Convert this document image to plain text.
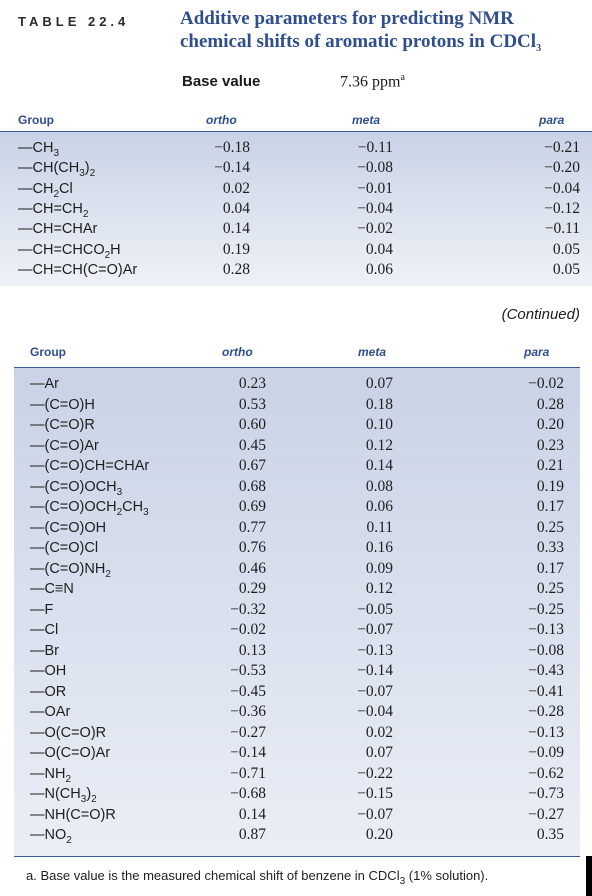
TABLE 22.4	Additive parameters for predicting NMR
chemical shifts of aromatic protons in CDCl$_3$
Base value	7.36 ppm$^a$
Group	ortho	meta	para
$—CH_3$	−0.18	−0.11	−0.21
$—CH(CH_3)_2$	−0.14	−0.08	−0.20
$—CH_2Cl$	0.02	−0.01	−0.04
$—CH=CH_2$	0.04	−0.04	−0.12
—CH=CHAr	0.14	−0.02	−0.11
$—CH=CHCO_2H$	0.19	0.04	0.05
—CH=CH(C=O)Ar	0.28	0.06	0.05
(Continued)
Group	ortho	meta	para
—Ar	0.23	0.07	−0.02
—(C=O)H	0.53	0.18	0.28
—(C=O)R	0.60	0.10	0.20
—(C=O)Ar	0.45	0.12	0.23
—(C=O)CH=CHAr	0.67	0.14	0.21
$—(C=O)OCH_3$	0.68	0.08	0.19
$—(C=O)OCH_2CH_3$	0.69	0.06	0.17
—(C=O)OH	0.77	0.11	0.25
—(C=O)Cl	0.76	0.16	0.33
$—(C=O)NH_2$	0.46	0.09	0.17
—C≡N	0.29	0.12	0.25
—F	−0.32	−0.05	−0.25
—Cl	−0.02	−0.07	−0.13
—Br	0.13	−0.13	−0.08
—OH	−0.53	−0.14	−0.43
—OR	−0.45	−0.07	−0.41
—OAr	−0.36	−0.04	−0.28
—O(C=O)R	−0.27	0.02	−0.13
—O(C=O)Ar	−0.14	0.07	−0.09
$—NH_2$	−0.71	−0.22	−0.62
$—N(CH_3)_2$	−0.68	−0.15	−0.73
—NH(C=O)R	0.14	−0.07	−0.27
$—NO_2$	0.87	0.20	0.35
a. Base value is the measured chemical shift of benzene in CDCl$_3$ (1% solution).
